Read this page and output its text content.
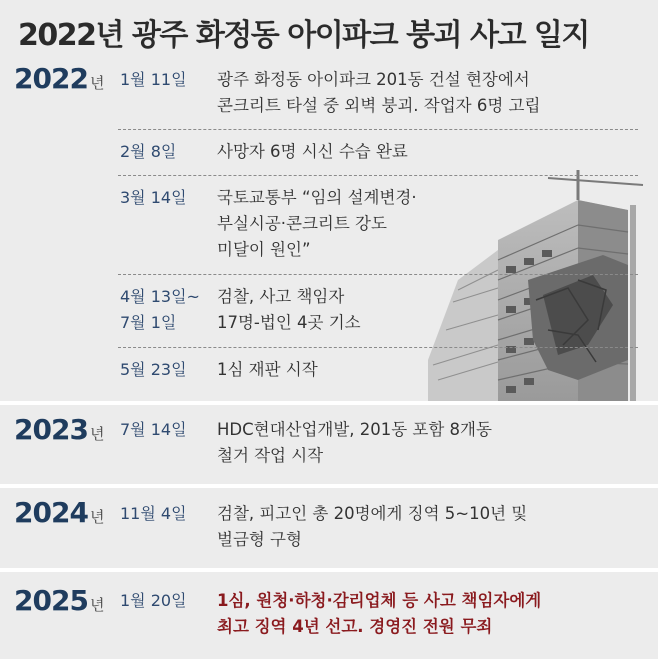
2022년 광주 화정동 아이파크 붕괴 사고 일지
2022 년 1월 11일 광주 화정동 아이파크 201동 건설 현장에서
콘크리트 타설 중 외벽 붕괴. 작업자 6명 고립
2월 8일 사망자 6명 시신 수습 완료
3월 14일 국토교통부 “임의 설계변경·
부실시공·콘크리트 강도
미달이 원인”
4월 13일~
7월 1일
검찰, 사고 책임자
17명-법인 4곳 기소
5월 23일 1심 재판 시작
2023 년 7월 14일 HDC현대산업개발, 201동 포함 8개동
철거 작업 시작
2024 년 11월 4일 검찰, 피고인 총 20명에게 징역 5~10년 및
벌금형 구형
2025 년 1월 20일 1심, 원청·하청·감리업체 등 사고 책임자에게
최고 징역 4년 선고. 경영진 전원 무죄
